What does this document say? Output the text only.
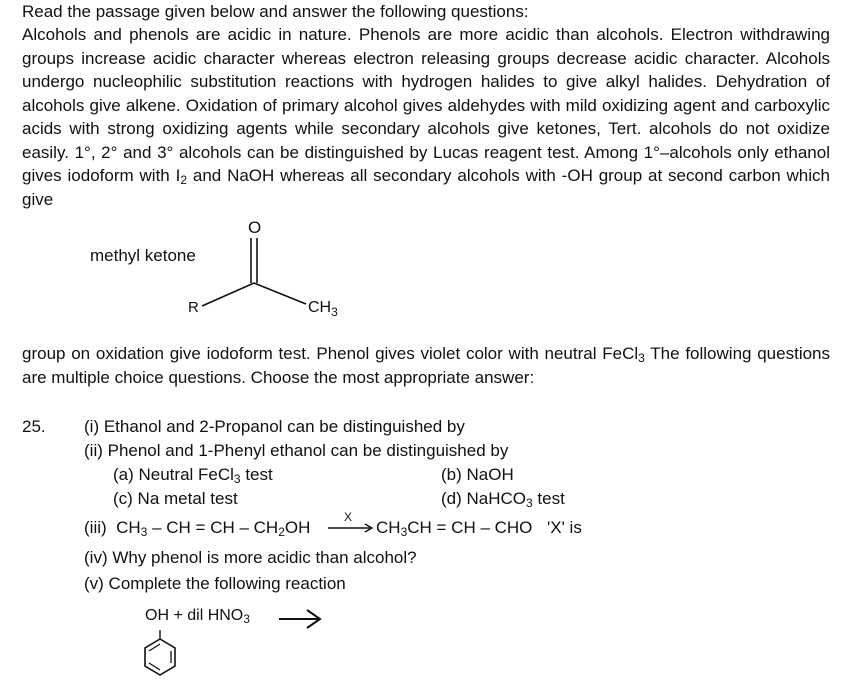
Read the passage given below and answer the following questions:
Alcohols and phenols are acidic in nature. Phenols are more acidic than alcohols. Electron withdrawing groups increase acidic character whereas electron releasing groups decrease acidic character. Alcohols undergo nucleophilic substitution reactions with hydrogen halides to give alkyl halides. Dehydration of alcohols give alkene. Oxidation of primary alcohol gives aldehydes with mild oxidizing agent and carboxylic acids with strong oxidizing agents while secondary alcohols give ketones, Tert. alcohols do not oxidize easily. 1°, 2° and 3° alcohols can be distinguished by Lucas reagent test. Among 1°–alcohols only ethanol gives iodoform with $I_2$ and NaOH whereas all secondary alcohols with -OH group at second carbon which give
methyl ketone
O
R	$CH_3$
group on oxidation give iodoform test. Phenol gives violet color with neutral FeCl$_3$ The following questions are multiple choice questions. Choose the most appropriate answer:
25. (i) Ethanol and 2-Propanol can be distinguished by
(ii) Phenol and 1-Phenyl ethanol can be distinguished by
(a) Neutral FeCl$_3$ test	(b) NaOH
(c) Na metal test	(d) NaHCO$_3$ test
(iii) $CH_3$ – CH = CH – $CH_2OH$
X
$CH_3CH$ = CH – CHO 'X' is
(iv) Why phenol is more acidic than alcohol?
(v) Complete the following reaction
OH + dil $HNO_3$ →
